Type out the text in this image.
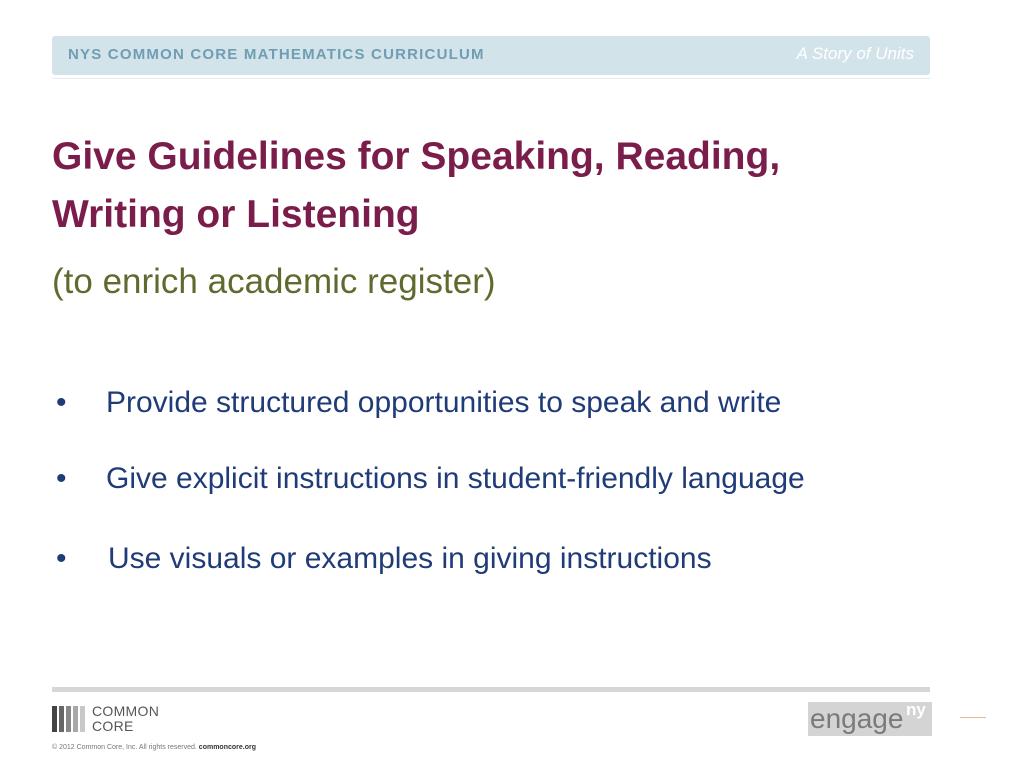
NYS COMMON CORE MATHEMATICS CURRICULUM	A Story of Units
Give Guidelines for Speaking, Reading,
Writing or Listening

(to enrich academic register)

• Provide structured opportunities to speak and write
• Give explicit instructions in student-friendly language
• Use visuals or examples in giving instructions
COMMON
CORE
© 2012 Common Core, Inc. All rights reserved. commoncore.org
engage ny
